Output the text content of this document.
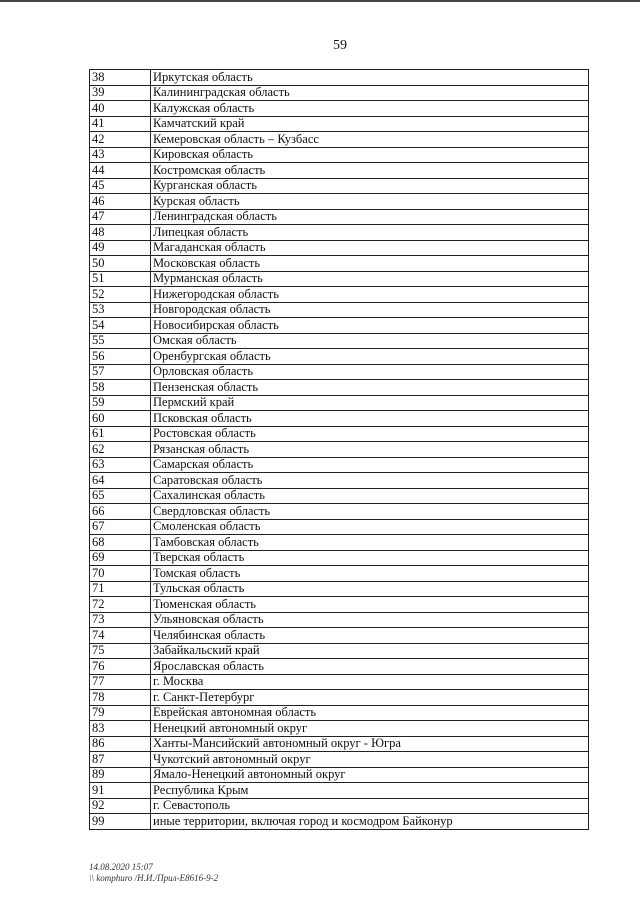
59
38	Иркутская область
39	Калининградская область
40	Калужская область
41	Камчатский край
42	Кемеровская область – Кузбасс
43	Кировская область
44	Костромская область
45	Курганская область
46	Курская область
47	Ленинградская область
48	Липецкая область
49	Магаданская область
50	Московская область
51	Мурманская область
52	Нижегородская область
53	Новгородская область
54	Новосибирская область
55	Омская область
56	Оренбургская область
57	Орловская область
58	Пензенская область
59	Пермский край
60	Псковская область
61	Ростовская область
62	Рязанская область
63	Самарская область
64	Саратовская область
65	Сахалинская область
66	Свердловская область
67	Смоленская область
68	Тамбовская область
69	Тверская область
70	Томская область
71	Тульская область
72	Тюменская область
73	Ульяновская область
74	Челябинская область
75	Забайкальский край
76	Ярославская область
77	г. Москва
78	г. Санкт-Петербург
79	Еврейская автономная область
83	Ненецкий автономный округ
86	Ханты-Мансийский автономный округ - Югра
87	Чукотский автономный округ
89	Ямало-Ненецкий автономный округ
91	Республика Крым
92	г. Севастополь
99	иные территории, включая город и космодром Байконур
14.08.2020 15:07
\\ komphuro /Н.И./Прил-Е8616-9-2
